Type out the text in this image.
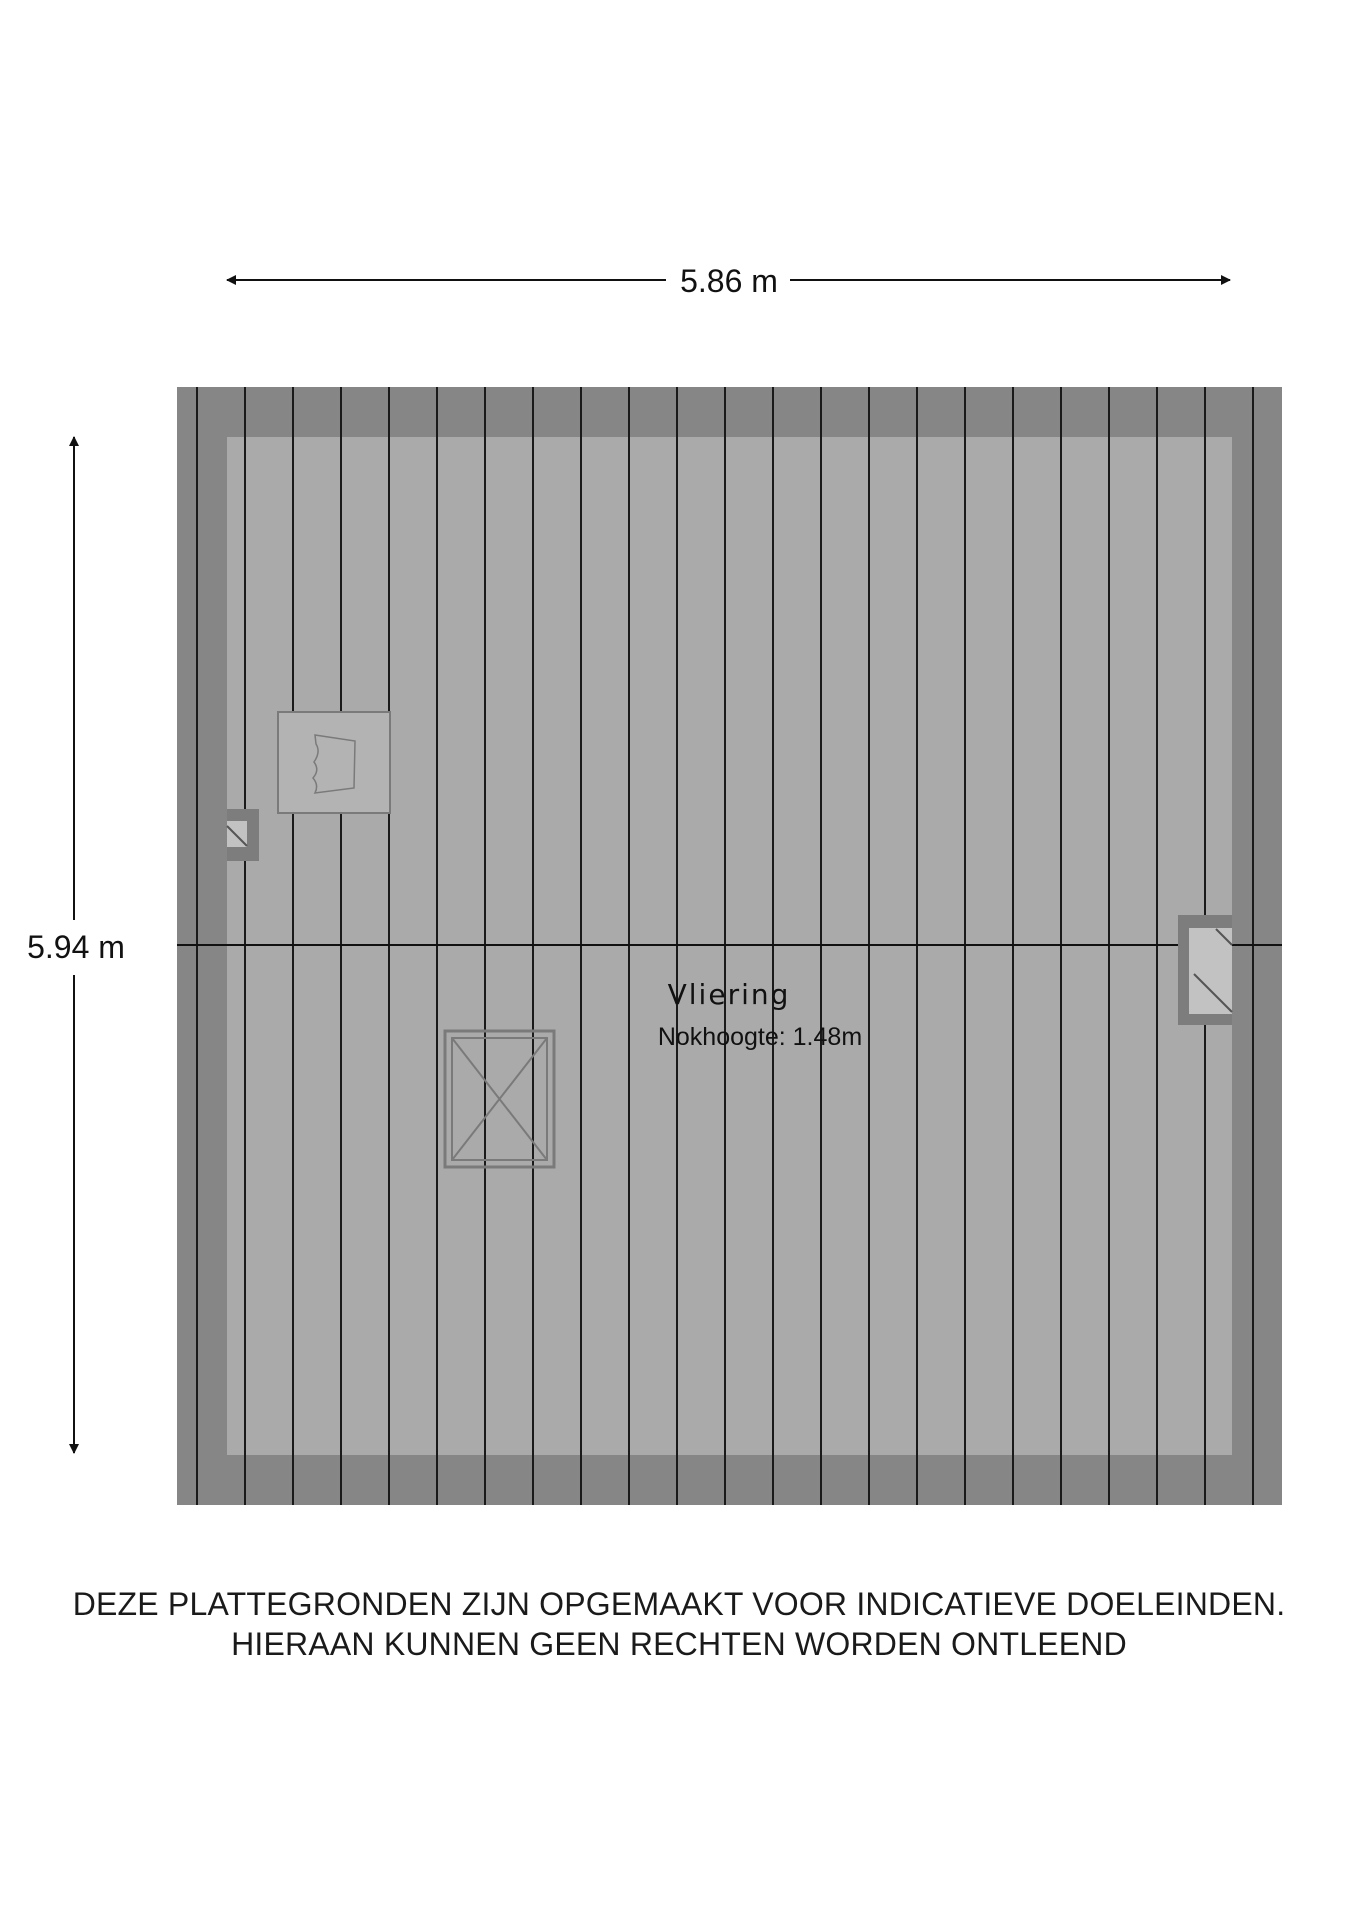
5.86 m
5.94 m
Vliering
Nokhoogte: 1.48m
DEZE PLATTEGRONDEN ZIJN OPGEMAAKT VOOR INDICATIEVE DOELEINDEN.
HIERAAN KUNNEN GEEN RECHTEN WORDEN ONTLEEND
